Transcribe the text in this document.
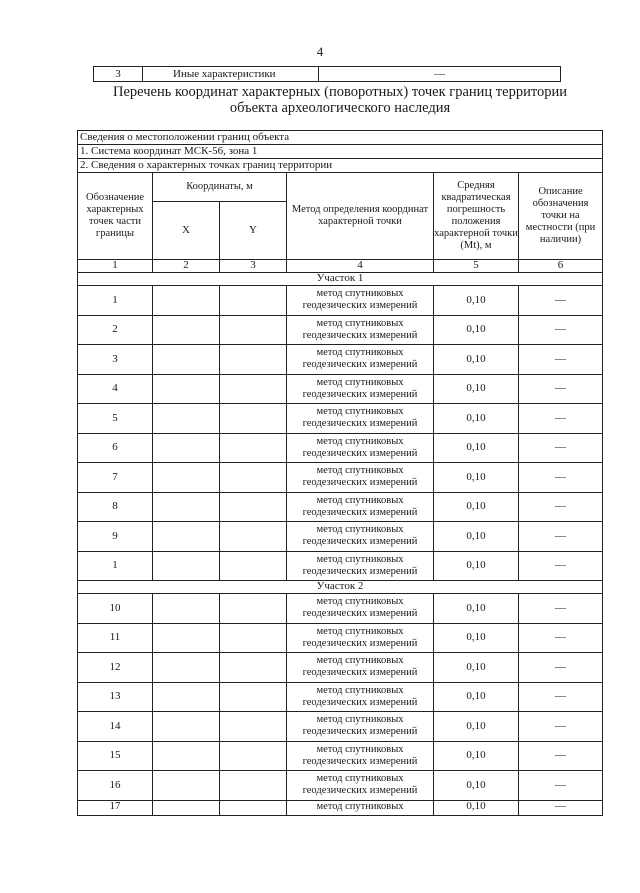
4
3	Иные характеристики	—
Перечень координат характерных (поворотных) точек границ территории
объекта археологического наследия
Сведения о местоположении границ объекта					
1. Система координат МСК-56, зона 1					
2. Сведения о характерных точках границ территории					
Обозначение характерных точек части границы	Координаты, м		Метод определения координат характерной точки	Средняя квадратическая погрешность положения характерной точки (Mt), м	Описание обозначения точки на местности (при наличии)
	X	Y			
1	2	3	4	5	6
Участок 1					
1			метод спутниковых геодезических измерений	0,10	—
2			метод спутниковых геодезических измерений	0,10	—
3			метод спутниковых геодезических измерений	0,10	—
4			метод спутниковых геодезических измерений	0,10	—
5			метод спутниковых геодезических измерений	0,10	—
6			метод спутниковых геодезических измерений	0,10	—
7			метод спутниковых геодезических измерений	0,10	—
8			метод спутниковых геодезических измерений	0,10	—
9			метод спутниковых геодезических измерений	0,10	—
1			метод спутниковых геодезических измерений	0,10	—
Участок 2					
10			метод спутниковых геодезических измерений	0,10	—
11			метод спутниковых геодезических измерений	0,10	—
12			метод спутниковых геодезических измерений	0,10	—
13			метод спутниковых геодезических измерений	0,10	—
14			метод спутниковых геодезических измерений	0,10	—
15			метод спутниковых геодезических измерений	0,10	—
16			метод спутниковых геодезических измерений	0,10	—
17			метод спутниковых	0,10	—
